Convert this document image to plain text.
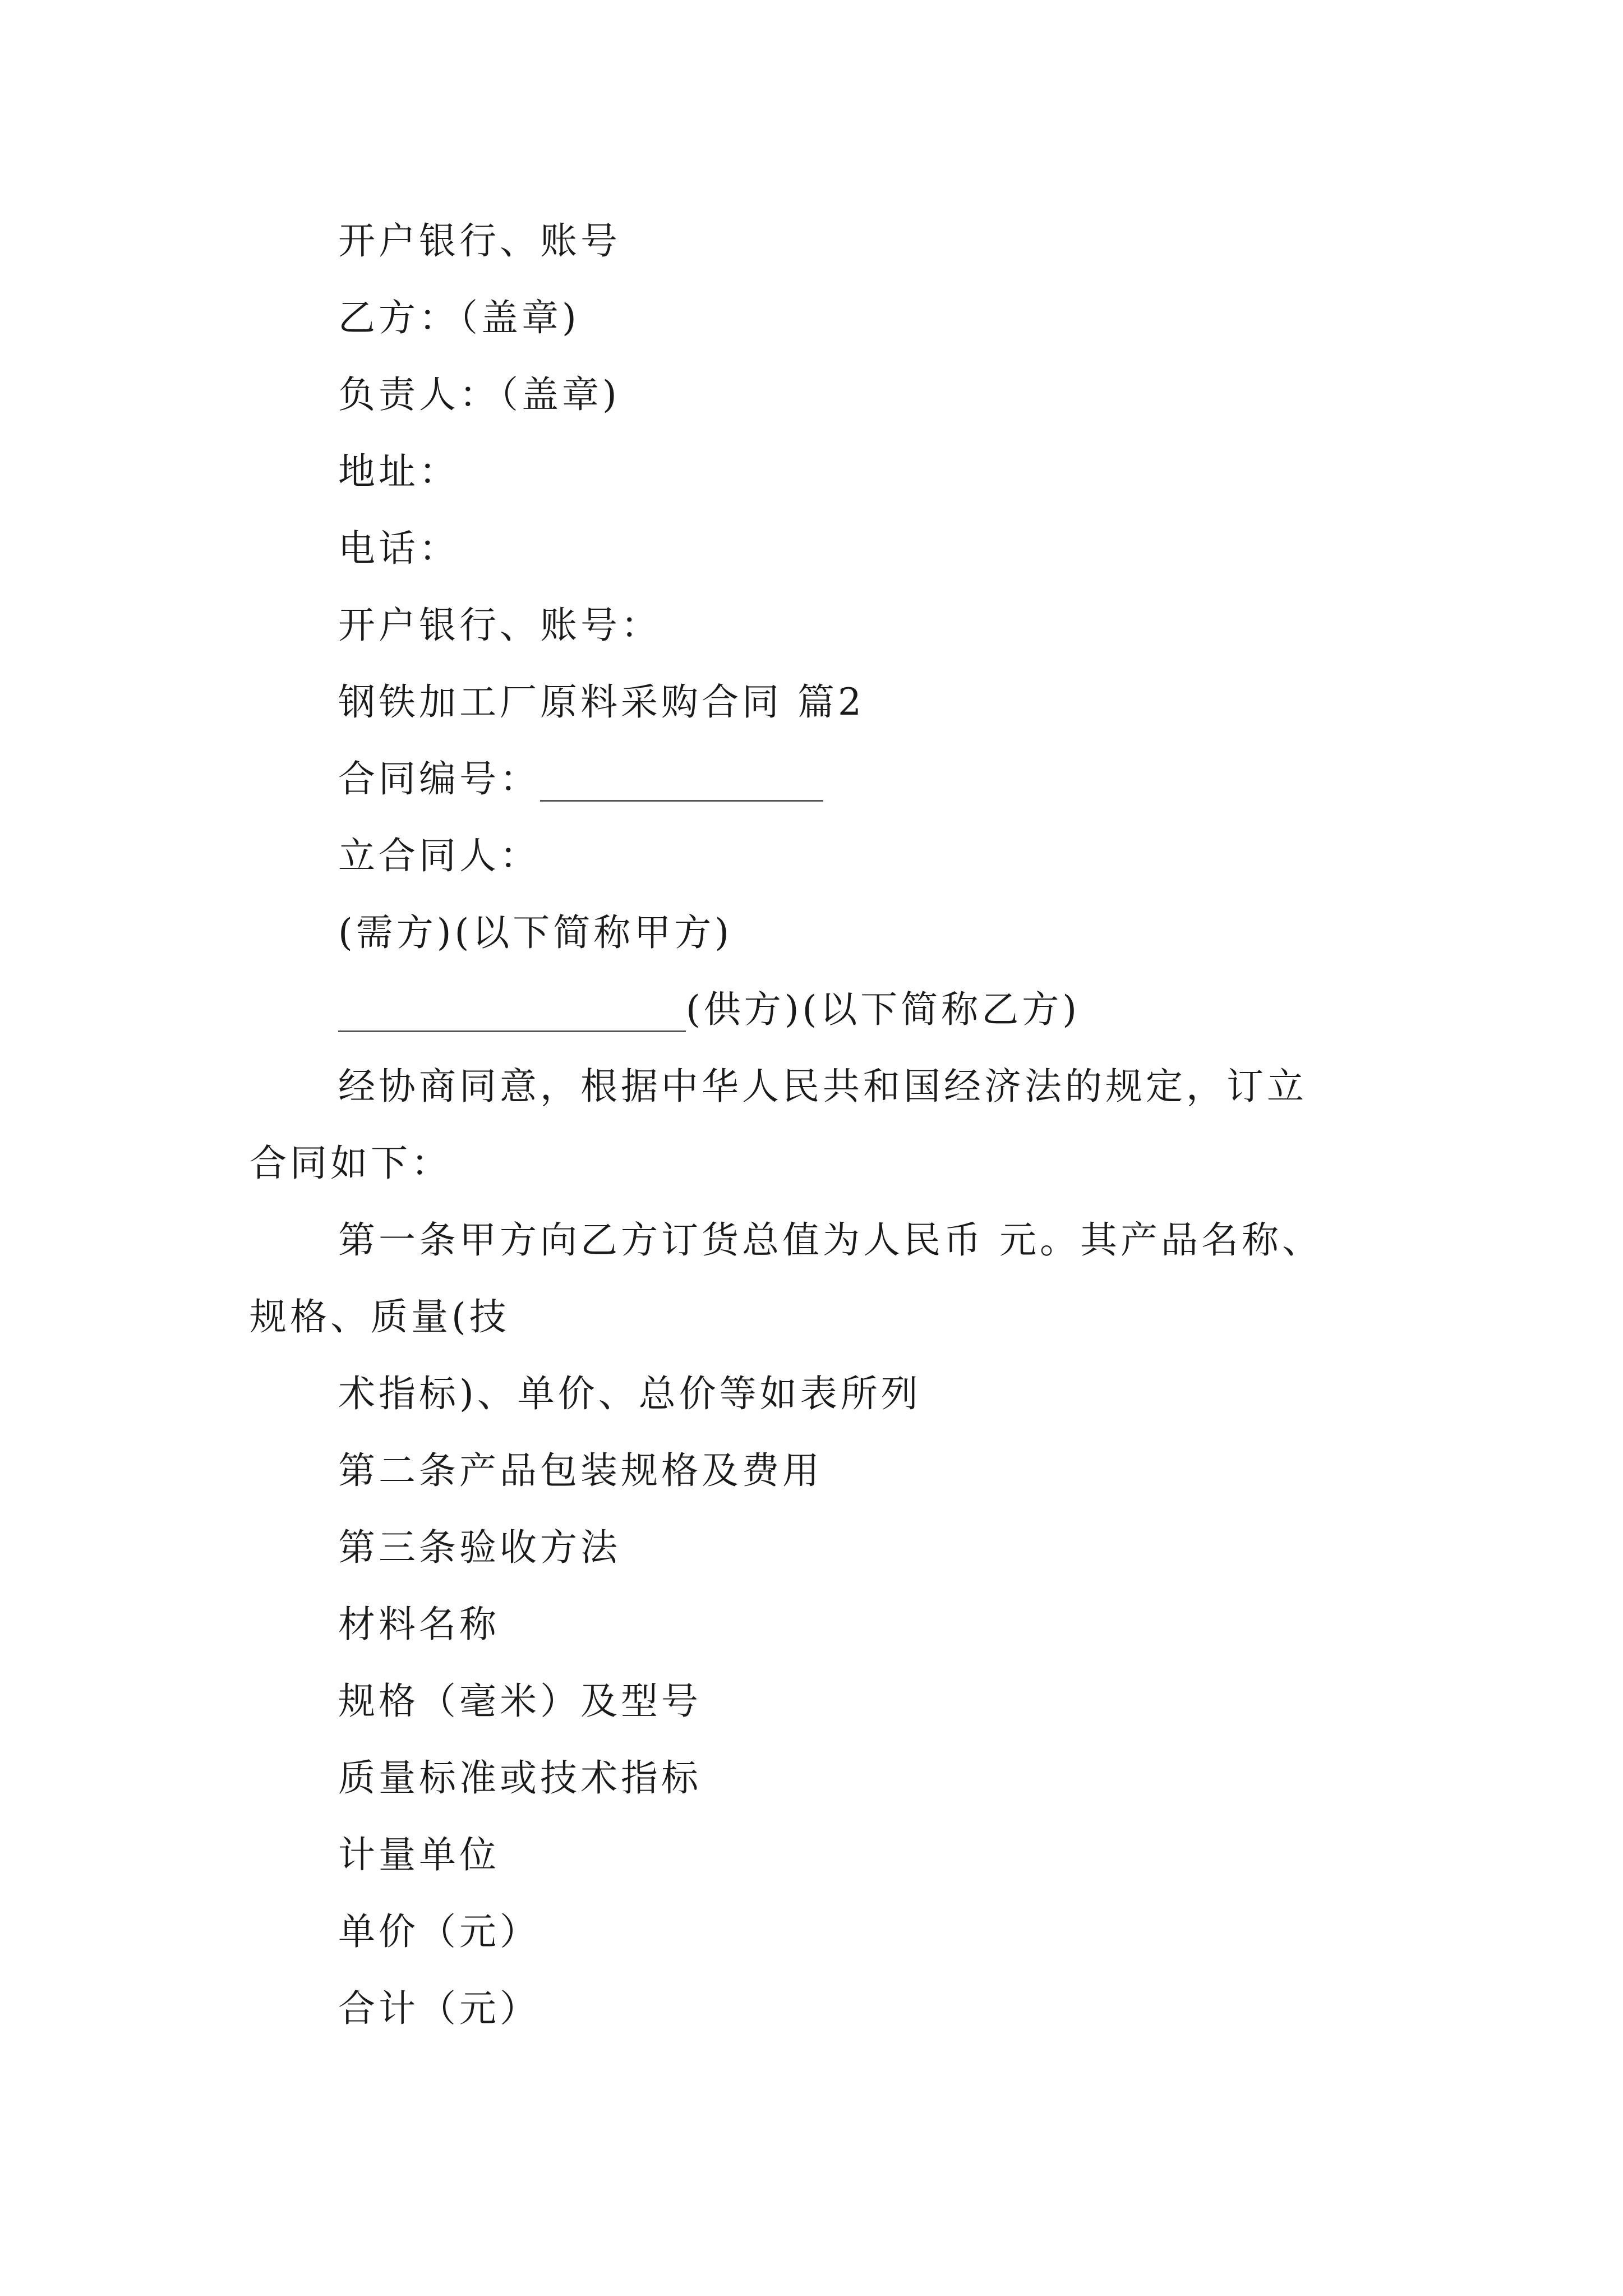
开户银行、账号
乙方：（盖章)
负责人：（盖章)
地址：
电话：
开户银行、账号：
钢铁加工厂原料采购合同 篇2
合同编号：
立合同人：
(需方)(以下简称甲方)
(供方)(以下简称乙方)
经协商同意，根据中华人民共和国经济法的规定，订立
合同如下：
第一条甲方向乙方订货总值为人民币 元。其产品名称、
规格、质量(技
术指标)、单价、总价等如表所列
第二条产品包装规格及费用
第三条验收方法
材料名称
规格（毫米）及型号
质量标准或技术指标
计量单位
单价（元）
合计（元）
